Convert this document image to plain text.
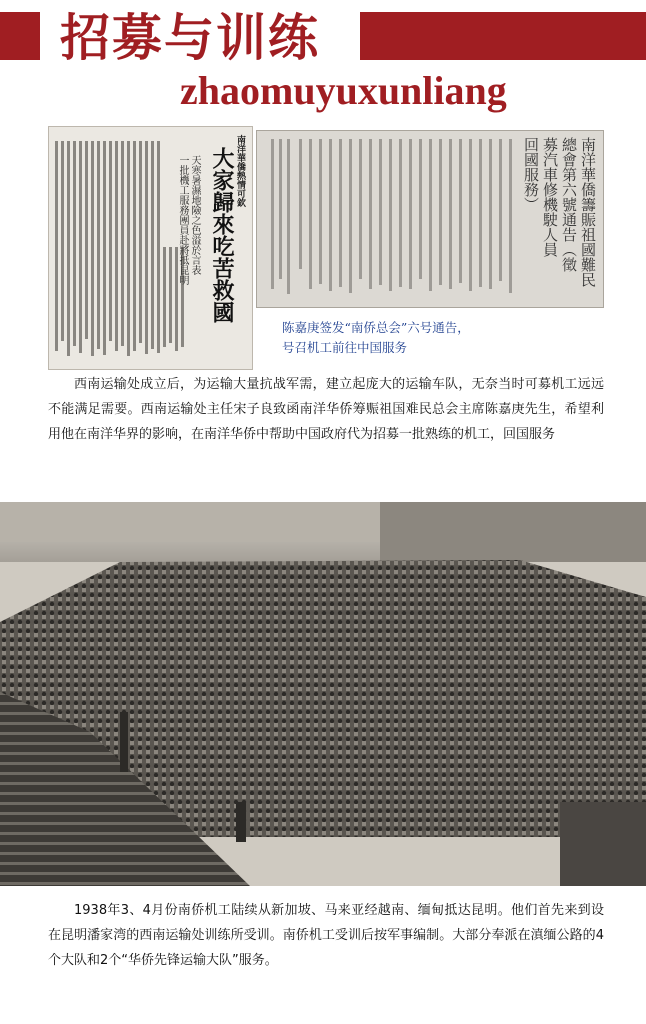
招募与训练
zhaomuyuxunliang
南洋華僑熱情可欽
大家歸來吃苦救國
天寒暑濕地險之色溢於言表
一批機工服務團員赴將抵昆明	南洋華僑籌賑祖國難民
總會第六號通告（徵
募汽車修機駛人員
回國服務）
陈嘉庚签发“南侨总会”六号通告，
号召机工前往中国服务
西南运输处成立后，为运输大量抗战军需，建立起庞大的运输车队，无奈当时可募机工远远不能满足需要。西南运输处主任宋子良致函南洋华侨筹赈祖国难民总会主席陈嘉庚先生，希望利用他在南洋华界的影响，在南洋华侨中帮助中国政府代为招募一批熟练的机工，回国服务
1938年3、4月份南侨机工陆续从新加坡、马来亚经越南、缅甸抵达昆明。他们首先来到设在昆明潘家湾的西南运输处训练所受训。南侨机工受训后按军事编制。大部分奉派在滇缅公路的4个大队和2个“华侨先锋运输大队”服务。
